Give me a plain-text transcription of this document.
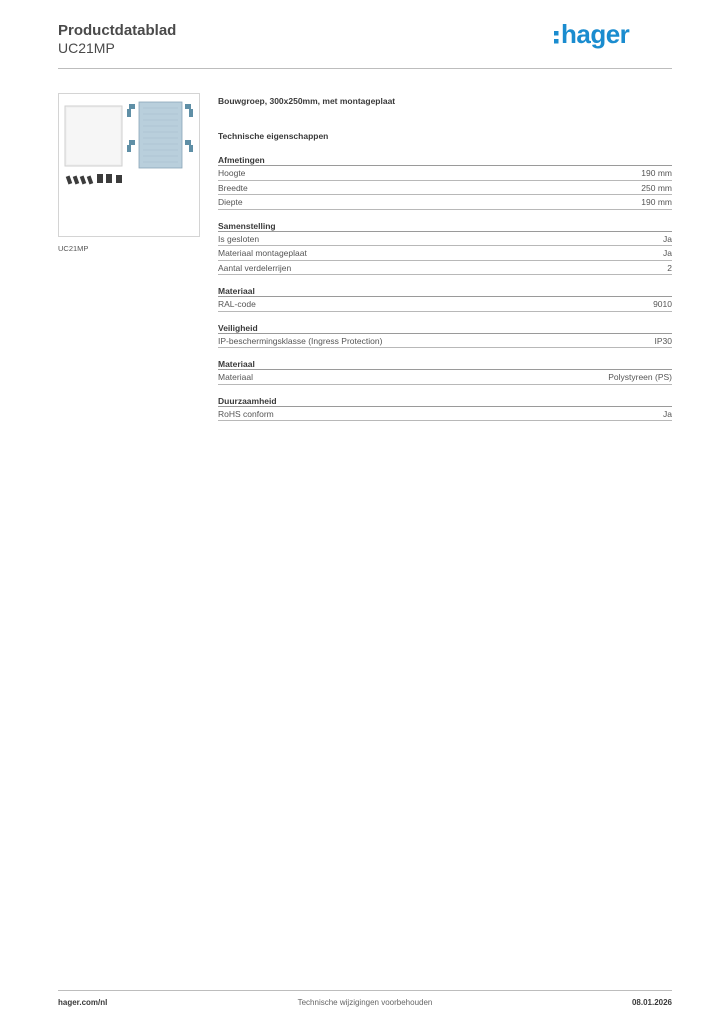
Productdatablad
UC21MP	hager
UC21MP
Bouwgroep, 300x250mm, met montageplaat
Technische eigenschappen
Afmetingen
Hoogte	190 mm
Breedte	250 mm
Diepte	190 mm
Samenstelling
Is gesloten	Ja
Materiaal montageplaat	Ja
Aantal verdelerrijen	2
Materiaal
RAL-code	9010
Veiligheid
IP-beschermingsklasse (Ingress Protection)	IP30
Materiaal
Materiaal	Polystyreen (PS)
Duurzaamheid
RoHS conform	Ja
hager.com/nl	Technische wijzigingen voorbehouden	08.01.2026
